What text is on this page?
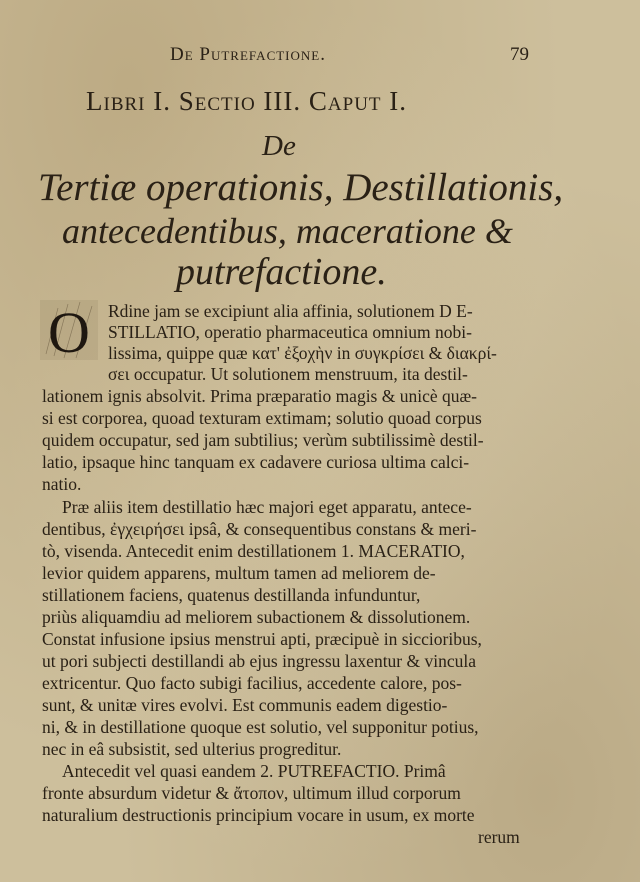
De Putrefactione.	79
Libri I. Sectio III. Caput I.
De
Tertiæ operationis, Destillationis,
antecedentibus, maceratione &
putrefactione.
O Rdine jam se excipiunt alia affinia, solutionem D E-
STILLATIO, operatio pharmaceutica omnium nobi-
lissima, quippe quæ κατ' ἐξοχὴν in συγκρίσει & διακρί-
σει occupatur. Ut solutionem menstruum, ita destil-
lationem ignis absolvit. Prima præparatio magis & unicè quæ-
si est corporea, quoad texturam extimam; solutio quoad corpus
quidem occupatur, sed jam subtilius; verùm subtilissimè destil-
latio, ipsaque hinc tanquam ex cadavere curiosa ultima calci-
natio.
Præ aliis item destillatio hæc majori eget apparatu, antece-
dentibus, ἐγχειρήσει ipsâ, & consequentibus constans & meri-
tò, visenda. Antecedit enim destillationem 1. MACERATIO,
levior quidem apparens, multum tamen ad meliorem de-
stillationem faciens, quatenus destillanda infunduntur,
priùs aliquamdiu ad meliorem subactionem & dissolutionem.
Constat infusione ipsius menstrui apti, præcipuè in siccioribus,
ut pori subjecti destillandi ab ejus ingressu laxentur & vincula
extricentur. Quo facto subigi facilius, accedente calore, pos-
sunt, & unitæ vires evolvi. Est communis eadem digestio-
ni, & in destillatione quoque est solutio, vel supponitur potius,
nec in eâ subsistit, sed ulterius progreditur.
Antecedit vel quasi eandem 2. PUTREFACTIO. Primâ
fronte absurdum videtur & ἄτοπον, ultimum illud corporum
naturalium destructionis principium vocare in usum, ex morte
rerum
